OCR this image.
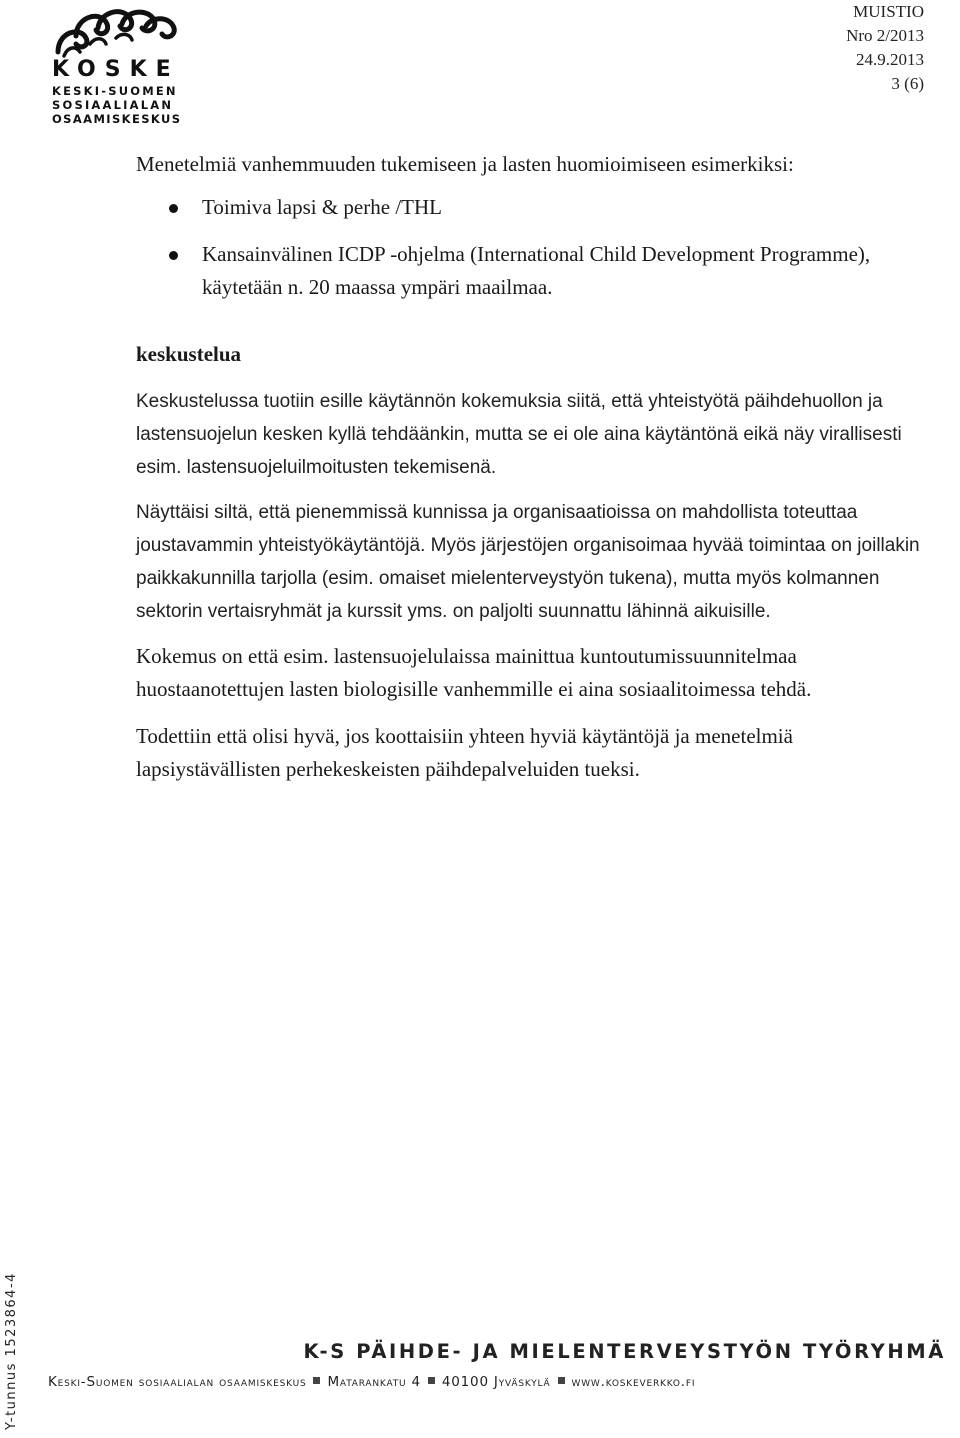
KOSKE
KESKI-SUOMEN
SOSIAALIALAN
OSAAMISKESKUS
MUISTIO
Nro 2/2013
24.9.2013
3 (6)

Menetelmiä vanhemmuuden tukemiseen ja lasten huomioimiseen esimerkiksi:

Toimiva lapsi & perhe /THL
Kansainvälinen ICDP -ohjelma (International Child Development Programme), käytetään n. 20 maassa ympäri maailmaa.

keskustelua

Keskustelussa tuotiin esille käytännön kokemuksia siitä, että yhteistyötä päihdehuollon ja lastensuojelun kesken kyllä tehdäänkin, mutta se ei ole aina käytäntönä eikä näy virallisesti esim. lastensuojeluilmoitusten tekemisenä.

Näyttäisi siltä, että pienemmissä kunnissa ja organisaatioissa on mahdollista toteuttaa joustavammin yhteistyökäytäntöjä. Myös järjestöjen organisoimaa hyvää toimintaa on joillakin paikkakunnilla tarjolla (esim. omaiset mielenterveystyön tukena), mutta myös kolmannen sektorin vertaisryhmät ja kurssit yms. on paljolti suunnattu lähinnä aikuisille.

Kokemus on että esim. lastensuojelulaissa mainittua kuntoutumissuunnitelmaa huostaanotettujen lasten biologisille vanhemmille ei aina sosiaalitoimessa tehdä.

Todettiin että olisi hyvä, jos koottaisiin yhteen hyviä käytäntöjä ja menetelmiä lapsiystävällisten perhekeskeisten päihdepalveluiden tueksi.

Y-tunnus 1523864-4	K-S PÄIHDE- JA MIELENTERVEYSTYÖN TYÖRYHMÄ
Keski-Suomen sosiaalialan osaamiskeskus Matarankatu 4 40100 Jyväskylä www.koskeverkko.fi
